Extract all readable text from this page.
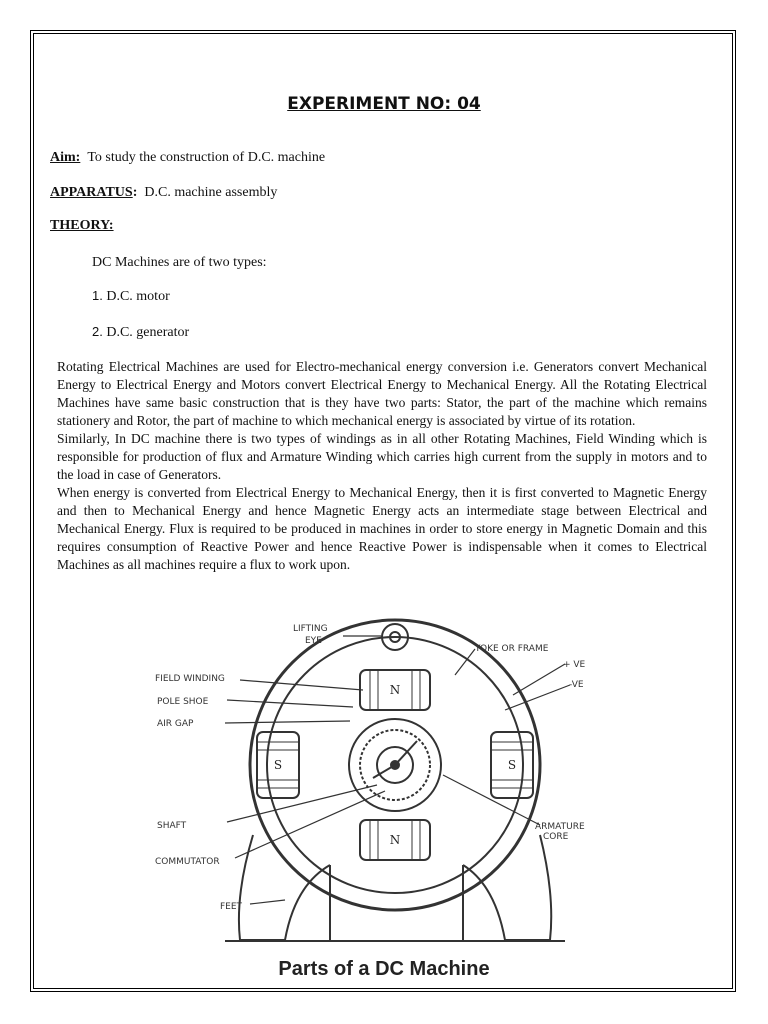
EXPERIMENT NO: 04
Aim: To study the construction of D.C. machine
APPARATUS: D.C. machine assembly
THEORY:
DC Machines are of two types:
1. D.C. motor
2. D.C. generator

Rotating Electrical Machines are used for Electro-mechanical energy conversion i.e. Generators convert Mechanical Energy to Electrical Energy and Motors convert Electrical Energy to Mechanical Energy. All the Rotating Electrical Machines have same basic construction that is they have two parts: Stator, the part of the machine which remains stationery and Rotor, the part of machine to which mechanical energy is associated by virtue of its rotation.

Similarly, In DC machine there is two types of windings as in all other Rotating Machines, Field Winding which is responsible for production of flux and Armature Winding which carries high current from the supply in motors and to the load in case of Generators.

When energy is converted from Electrical Energy to Mechanical Energy, then it is first converted to Magnetic Energy and then to Mechanical Energy and hence Magnetic Energy acts an intermediate stage between Electrical and Mechanical Energy. Flux is required to be produced in machines in order to store energy in Magnetic Domain and this requires consumption of Reactive Power and hence Reactive Power is indispensable when it comes to Electrical Machines as all machines require a flux to work upon.

LIFTING
EYE
YOKE OR FRAME
+ VE
-VE
FIELD WINDING
POLE SHOE
AIR GAP
SHAFT
COMMUTATOR
FEET
ARMATURE
CORE
N
N
S	S
Parts of a DC Machine
